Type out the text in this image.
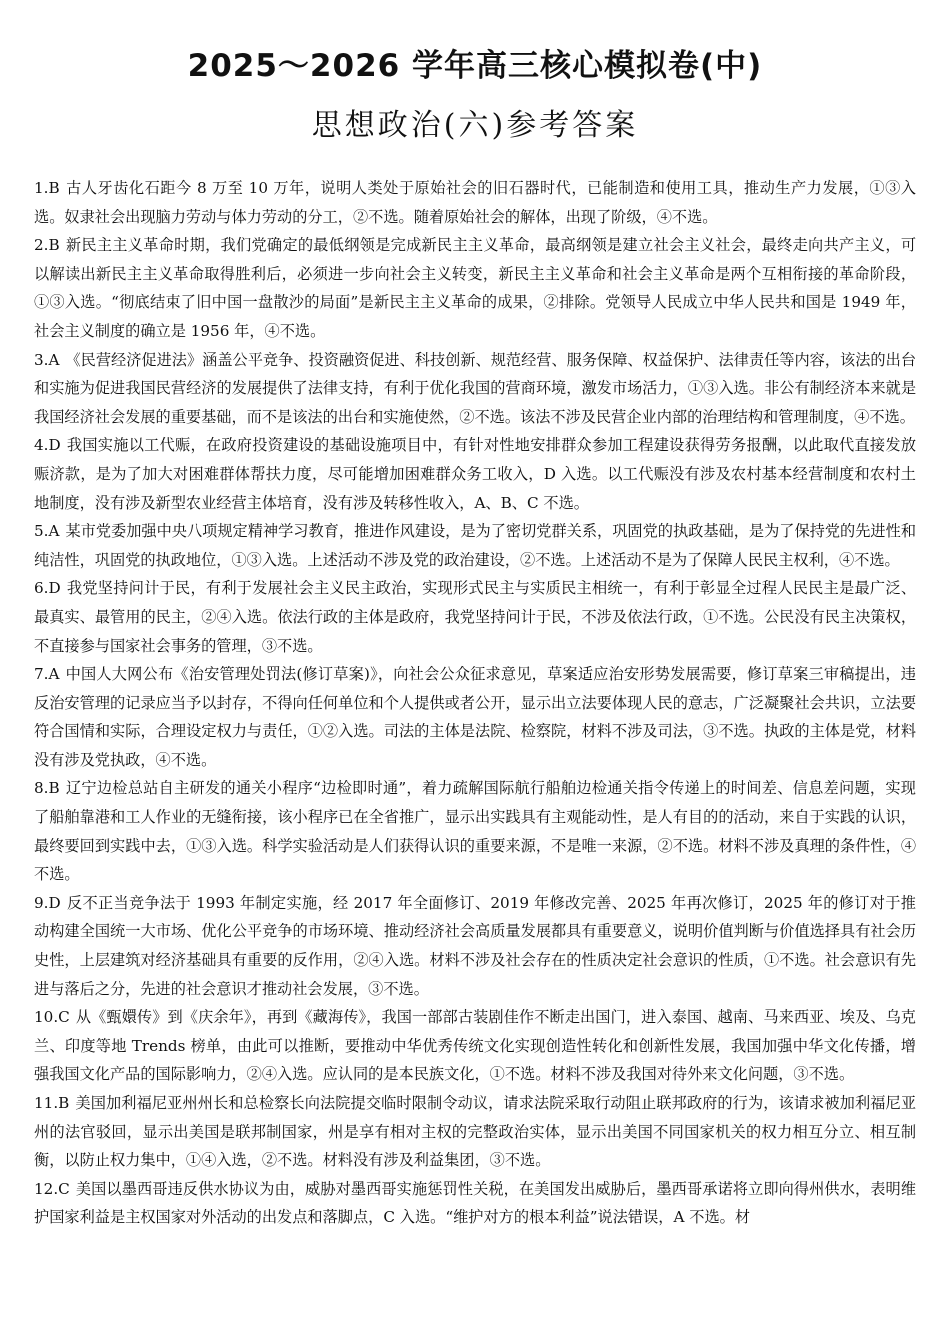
2025～2026 学年高三核心模拟卷(中)
思想政治(六)参考答案

1.B 古人牙齿化石距今 8 万至 10 万年，说明人类处于原始社会的旧石器时代，已能制造和使用工具，推动生产力发展，①③入选。奴隶社会出现脑力劳动与体力劳动的分工，②不选。随着原始社会的解体，出现了阶级，④不选。

2.B 新民主主义革命时期，我们党确定的最低纲领是完成新民主主义革命，最高纲领是建立社会主义社会，最终走向共产主义，可以解读出新民主主义革命取得胜利后，必须进一步向社会主义转变，新民主主义革命和社会主义革命是两个互相衔接的革命阶段，①③入选。“彻底结束了旧中国一盘散沙的局面”是新民主主义革命的成果，②排除。党领导人民成立中华人民共和国是 1949 年，社会主义制度的确立是 1956 年，④不选。

3.A 《民营经济促进法》涵盖公平竞争、投资融资促进、科技创新、规范经营、服务保障、权益保护、法律责任等内容，该法的出台和实施为促进我国民营经济的发展提供了法律支持，有利于优化我国的营商环境，激发市场活力，①③入选。非公有制经济本来就是我国经济社会发展的重要基础，而不是该法的出台和实施使然，②不选。该法不涉及民营企业内部的治理结构和管理制度，④不选。

4.D 我国实施以工代赈，在政府投资建设的基础设施项目中，有针对性地安排群众参加工程建设获得劳务报酬，以此取代直接发放赈济款，是为了加大对困难群体帮扶力度，尽可能增加困难群众务工收入，D 入选。以工代赈没有涉及农村基本经营制度和农村土地制度，没有涉及新型农业经营主体培育，没有涉及转移性收入，A、B、C 不选。

5.A 某市党委加强中央八项规定精神学习教育，推进作风建设，是为了密切党群关系，巩固党的执政基础，是为了保持党的先进性和纯洁性，巩固党的执政地位，①③入选。上述活动不涉及党的政治建设，②不选。上述活动不是为了保障人民民主权利，④不选。

6.D 我党坚持问计于民，有利于发展社会主义民主政治，实现形式民主与实质民主相统一，有利于彰显全过程人民民主是最广泛、最真实、最管用的民主，②④入选。依法行政的主体是政府，我党坚持问计于民，不涉及依法行政，①不选。公民没有民主决策权，不直接参与国家社会事务的管理，③不选。

7.A 中国人大网公布《治安管理处罚法(修订草案)》，向社会公众征求意见，草案适应治安形势发展需要，修订草案三审稿提出，违反治安管理的记录应当予以封存，不得向任何单位和个人提供或者公开，显示出立法要体现人民的意志，广泛凝聚社会共识，立法要符合国情和实际，合理设定权力与责任，①②入选。司法的主体是法院、检察院，材料不涉及司法，③不选。执政的主体是党，材料没有涉及党执政，④不选。

8.B 辽宁边检总站自主研发的通关小程序“边检即时通”，着力疏解国际航行船舶边检通关指令传递上的时间差、信息差问题，实现了船舶靠港和工人作业的无缝衔接，该小程序已在全省推广，显示出实践具有主观能动性，是人有目的的活动，来自于实践的认识，最终要回到实践中去，①③入选。科学实验活动是人们获得认识的重要来源，不是唯一来源，②不选。材料不涉及真理的条件性，④不选。

9.D 反不正当竞争法于 1993 年制定实施，经 2017 年全面修订、2019 年修改完善、2025 年再次修订，2025 年的修订对于推动构建全国统一大市场、优化公平竞争的市场环境、推动经济社会高质量发展都具有重要意义，说明价值判断与价值选择具有社会历史性，上层建筑对经济基础具有重要的反作用，②④入选。材料不涉及社会存在的性质决定社会意识的性质，①不选。社会意识有先进与落后之分，先进的社会意识才推动社会发展，③不选。

10.C 从《甄嬛传》到《庆余年》，再到《藏海传》，我国一部部古装剧佳作不断走出国门，进入泰国、越南、马来西亚、埃及、乌克兰、印度等地 Trends 榜单，由此可以推断，要推动中华优秀传统文化实现创造性转化和创新性发展，我国加强中华文化传播，增强我国文化产品的国际影响力，②④入选。应认同的是本民族文化，①不选。材料不涉及我国对待外来文化问题，③不选。

11.B 美国加利福尼亚州州长和总检察长向法院提交临时限制令动议，请求法院采取行动阻止联邦政府的行为，该请求被加利福尼亚州的法官驳回，显示出美国是联邦制国家，州是享有相对主权的完整政治实体，显示出美国不同国家机关的权力相互分立、相互制衡，以防止权力集中，①④入选，②不选。材料没有涉及利益集团，③不选。

12.C 美国以墨西哥违反供水协议为由，威胁对墨西哥实施惩罚性关税，在美国发出威胁后，墨西哥承诺将立即向得州供水，表明维护国家利益是主权国家对外活动的出发点和落脚点，C 入选。“维护对方的根本利益”说法错误，A 不选。材
